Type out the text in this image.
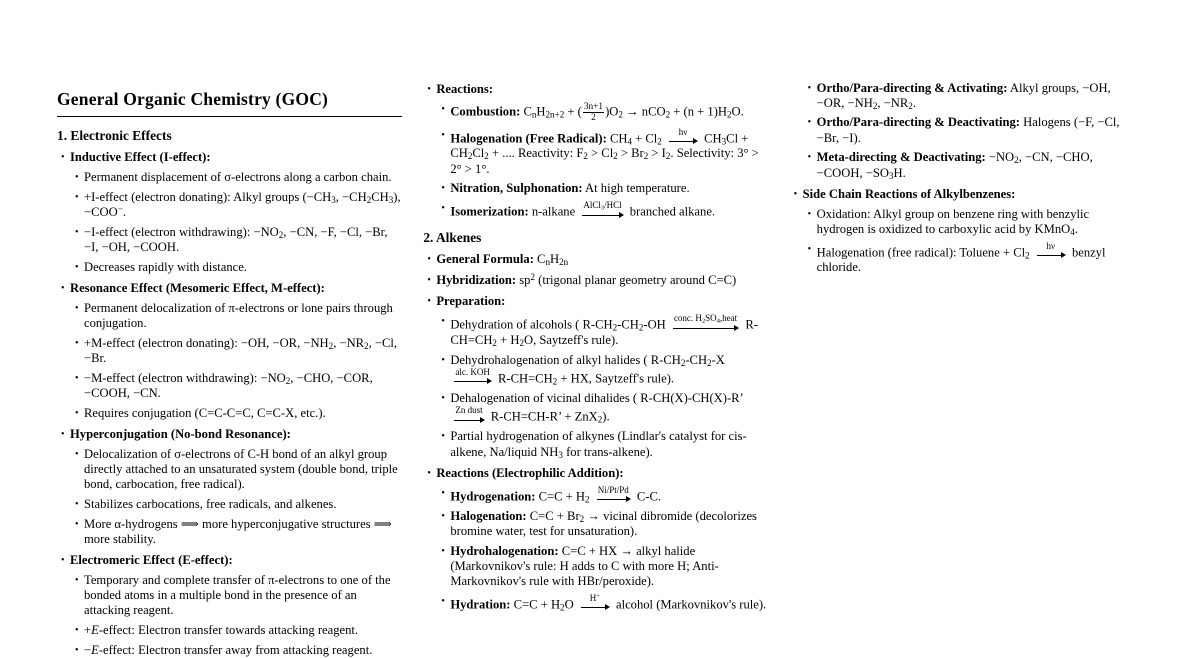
General Organic Chemistry (GOC)
1. Electronic Effects
• Inductive Effect (I-effect):
• Permanent displacement of σ-electrons along a carbon chain.
• +I-effect (electron donating): Alkyl groups ($-CH_3$, $-CH_2CH_3$), −COO−.
• −I-effect (electron withdrawing): $-NO_2$, −CN, −F, −Cl, −Br, −I, −OH, −COOH.
• Decreases rapidly with distance.
• Resonance Effect (Mesomeric Effect, M-effect):
• Permanent delocalization of π-electrons or lone pairs through conjugation.
• +M-effect (electron donating): −OH, −OR, $-NH_2$, $-NR_2$, −Cl, −Br.
• −M-effect (electron withdrawing): $-NO_2$, −CHO, −COR, −COOH, −CN.
• Requires conjugation (C=C-C=C, C=C-X, etc.).
• Hyperconjugation (No-bond Resonance):
• Delocalization of σ-electrons of C-H bond of an alkyl group directly attached to an unsaturated system (double bond, triple bond, carbocation, free radical).
• Stabilizes carbocations, free radicals, and alkenes.
• More α-hydrogens ⟹ more hyperconjugative structures ⟹ more stability.
• Electromeric Effect (E-effect):
• Temporary and complete transfer of π-electrons to one of the bonded atoms in a multiple bond in the presence of an attacking reagent.
• +E-effect: Electron transfer towards attacking reagent.
• −E-effect: Electron transfer away from attacking reagent.
• Reactions:
• Combustion: $C_nH_{2n+2}$ + ( $\frac{3n+1}{2} )O_2 \to nCO_2 + (n + 1)H_2O$.
• Halogenation (Free Radical): $CH_4 + Cl_2$
hν	$CH_3Cl + CH_2Cl_2$ + .... Reactivity: $F_2 > Cl_2 > Br_2 > I_2$. Selectivity: 3° > 2° > 1°.
• Nitration, Sulphonation: At high temperature.
• Isomerization: n-alkane AlCl$_3$/HCl branched alkane.
2. Alkenes
• General Formula: $C_nH_{2n}$
• Hybridization: $sp^2$ (trigonal planar geometry around C=C)
• Preparation:
• Dehydration of alcohols ( $R-CH_2-CH_2-OH$ conc. $H_2SO_4,heat$ $R-CH=CH_2 + H_2O$, Saytzeff's rule).
• Dehydrohalogenation of alkyl halides ( $R-CH_2-CH_2-X$
alc. KOH $R-CH=CH_2$ + HX, Saytzeff's rule).
• Dehalogenation of vicinal dihalides ( R-CH(X)-CH(X)-R’
Zn dust R-CH=CH-R’ + ZnX$_2$).
• Partial hydrogenation of alkynes (Lindlar's catalyst for cis-alkene, Na/liquid $NH_3$ for trans-alkene).
• Reactions (Electrophilic Addition):
• Hydrogenation: $C=C + H_2$
Ni/Pt/Pd C-C.
• Halogenation: $C=C + Br_2$ → vicinal dibromide (decolorizes bromine water, test for unsaturation).
• Hydrohalogenation: C=C + HX → alkyl halide (Markovnikov's rule: H adds to C with more H; Anti-Markovnikov's rule with HBr/peroxide).
• Hydration: $C=C + H_2O$	H+
alcohol (Markovnikov's rule).
• Ortho/Para-directing & Activating: Alkyl groups, −OH, −OR, $-NH_2$, $-NR_2$.
• Ortho/Para-directing & Deactivating: Halogens (−F, −Cl, −Br, −I).
• Meta-directing & Deactivating: $-NO_2$, −CN, −CHO, −COOH, $-SO_3H$.
• Side Chain Reactions of Alkylbenzenes:
• Oxidation: Alkyl group on benzene ring with benzylic hydrogen is oxidized to carboxylic acid by KMnO$_4$.
• Halogenation (free radical): Toluene + $Cl_2$
hν	benzyl chloride.
